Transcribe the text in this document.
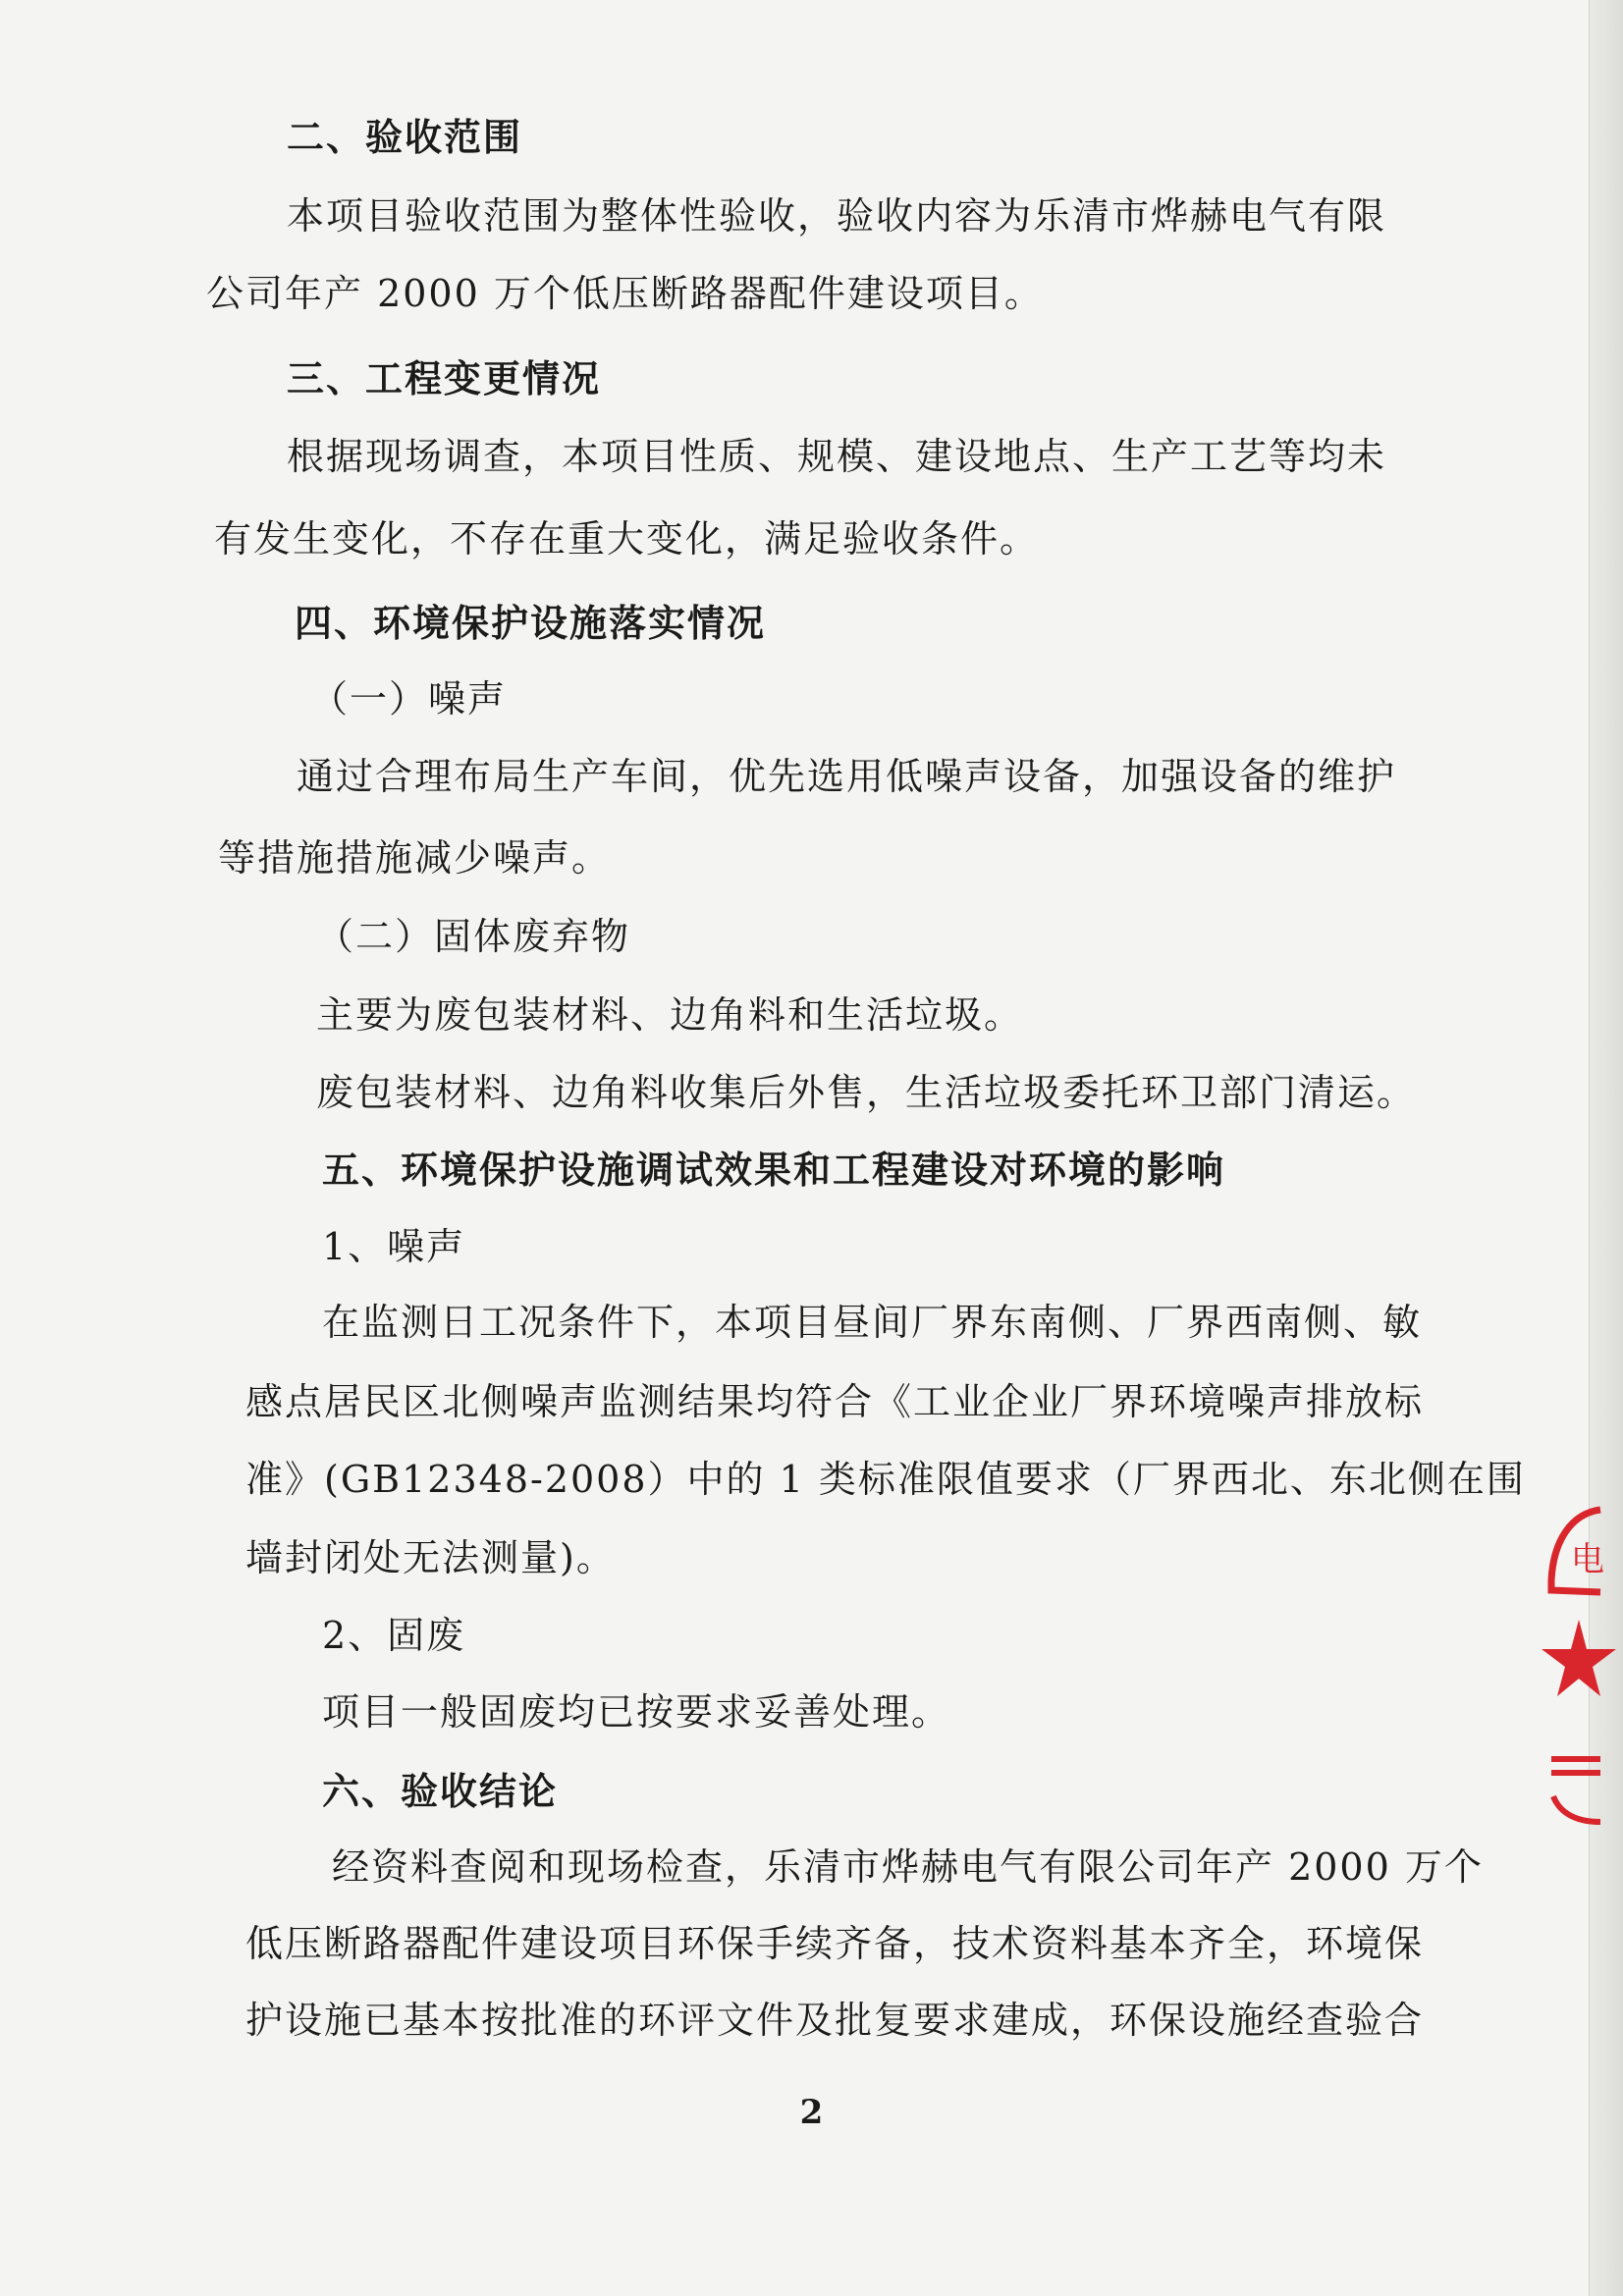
二、验收范围
本项目验收范围为整体性验收，验收内容为乐清市烨赫电气有限
公司年产 2000 万个低压断路器配件建设项目。
三、工程变更情况
根据现场调查，本项目性质、规模、建设地点、生产工艺等均未
有发生变化，不存在重大变化，满足验收条件。
四、环境保护设施落实情况
（一）噪声
通过合理布局生产车间，优先选用低噪声设备，加强设备的维护
等措施措施减少噪声。
（二）固体废弃物
主要为废包装材料、边角料和生活垃圾。
废包装材料、边角料收集后外售，生活垃圾委托环卫部门清运。
五、环境保护设施调试效果和工程建设对环境的影响
1、噪声
在监测日工况条件下，本项目昼间厂界东南侧、厂界西南侧、敏
感点居民区北侧噪声监测结果均符合《工业企业厂界环境噪声排放标
准》(GB12348-2008）中的 1 类标准限值要求（厂界西北、东北侧在围
墙封闭处无法测量)。
2、固废
项目一般固废均已按要求妥善处理。
六、验收结论
经资料查阅和现场检查，乐清市烨赫电气有限公司年产 2000 万个
低压断路器配件建设项目环保手续齐备，技术资料基本齐全，环境保
护设施已基本按批准的环评文件及批复要求建成，环保设施经查验合
2
电
